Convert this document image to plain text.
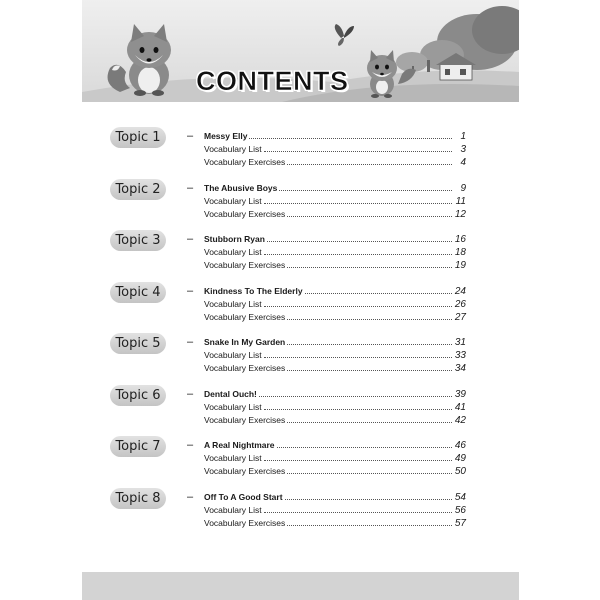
CONTENTS
Topic 1	– Messy Elly	1
Vocabulary List	3
Vocabulary Exercises	4
Topic 2	– The Abusive Boys	9
Vocabulary List	11
Vocabulary Exercises	12
Topic 3	– Stubborn Ryan	16
Vocabulary List	18
Vocabulary Exercises	19
Topic 4	– Kindness To The Elderly	24
Vocabulary List	26
Vocabulary Exercises	27
Topic 5	– Snake In My Garden	31
Vocabulary List	33
Vocabulary Exercises	34
Topic 6	– Dental Ouch!	39
Vocabulary List	41
Vocabulary Exercises	42
Topic 7	– A Real Nightmare	46
Vocabulary List	49
Vocabulary Exercises	50
Topic 8	– Off To A Good Start	54
Vocabulary List	56
Vocabulary Exercises	57
